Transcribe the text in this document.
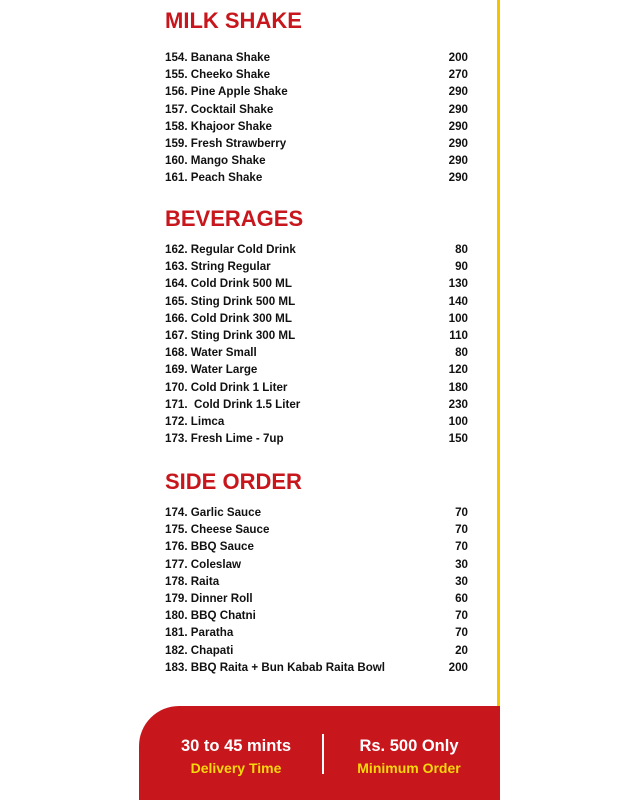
MILK SHAKE
154. Banana Shake	200
155. Cheeko Shake	270
156. Pine Apple Shake	290
157. Cocktail Shake	290
158. Khajoor Shake	290
159. Fresh Strawberry	290
160. Mango Shake	290
161. Peach Shake	290
BEVERAGES
162. Regular Cold Drink	80
163. String Regular	90
164. Cold Drink 500 ML	130
165. Sting Drink 500 ML	140
166. Cold Drink 300 ML	100
167. Sting Drink 300 ML	110
168. Water Small	80
169. Water Large	120
170. Cold Drink 1 Liter	180
171.  Cold Drink 1.5 Liter	230
172. Limca	100
173. Fresh Lime - 7up	150
SIDE ORDER
174. Garlic Sauce	70
175. Cheese Sauce	70
176. BBQ Sauce	70
177. Coleslaw	30
178. Raita	30
179. Dinner Roll	60
180. BBQ Chatni	70
181. Paratha	70
182. Chapati	20
183. BBQ Raita + Bun Kabab Raita Bowl	200
30 to 45 mints
Delivery Time
Rs. 500 Only
Minimum Order
